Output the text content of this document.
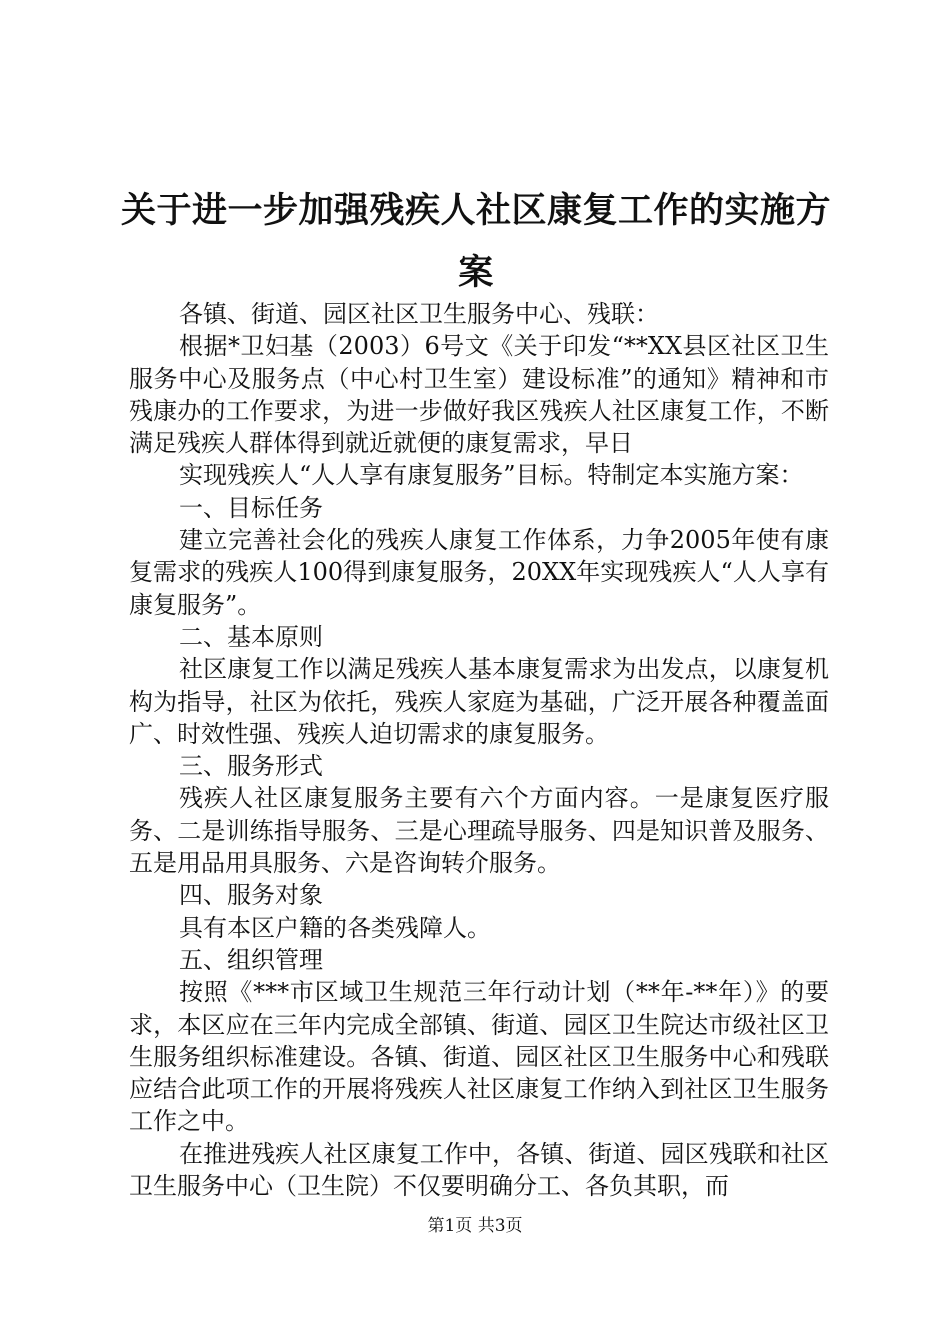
关于进一步加强残疾人社区康复工作的实施方案

各镇、街道、园区社区卫生服务中心、残联：

根据*卫妇基（2003）6号文《关于印发“**XX县区社区卫生服务中心及服务点（中心村卫生室）建设标准”的通知》精神和市残康办的工作要求，为进一步做好我区残疾人社区康复工作，不断满足残疾人群体得到就近就便的康复需求，早日

实现残疾人“人人享有康复服务”目标。特制定本实施方案：

一、目标任务

建立完善社会化的残疾人康复工作体系，力争2005年使有康复需求的残疾人100得到康复服务，20XX年实现残疾人“人人享有康复服务”。

二、基本原则

社区康复工作以满足残疾人基本康复需求为出发点，以康复机构为指导，社区为依托，残疾人家庭为基础，广泛开展各种覆盖面广、时效性强、残疾人迫切需求的康复服务。

三、服务形式

残疾人社区康复服务主要有六个方面内容。一是康复医疗服务、二是训练指导服务、三是心理疏导服务、四是知识普及服务、五是用品用具服务、六是咨询转介服务。

四、服务对象

具有本区户籍的各类残障人。

五、组织管理

按照《***市区域卫生规范三年行动计划（**年-**年）》的要求，本区应在三年内完成全部镇、街道、园区卫生院达市级社区卫生服务组织标准建设。各镇、街道、园区社区卫生服务中心和残联应结合此项工作的开展将残疾人社区康复工作纳入到社区卫生服务工作之中。

在推进残疾人社区康复工作中，各镇、街道、园区残联和社区卫生服务中心（卫生院）不仅要明确分工、各负其职，而

第1页 共3页
